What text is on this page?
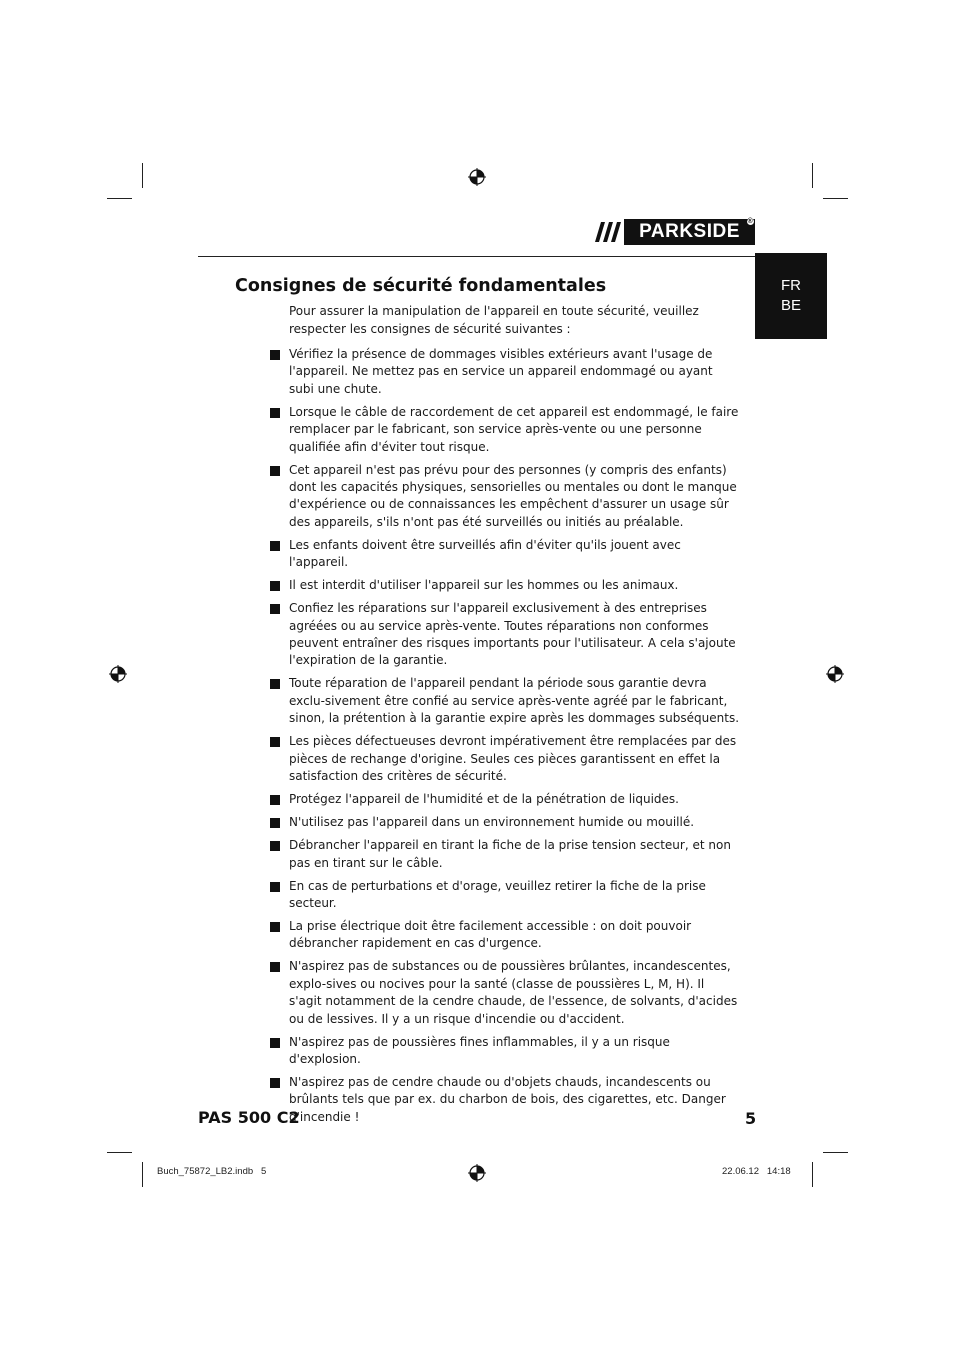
PARKSIDE ®
FR
BE
Consignes de sécurité fondamentales
Pour assurer la manipulation de l'appareil en toute sécurité, veuillez respecter les consignes de sécurité suivantes :
Vérifiez la présence de dommages visibles extérieurs avant l'usage de l'appareil. Ne mettez pas en service un appareil endommagé ou ayant subi une chute.
Lorsque le câble de raccordement de cet appareil est endommagé, le faire remplacer par le fabricant, son service après-vente ou une personne qualifiée afin d'éviter tout risque.
Cet appareil n'est pas prévu pour des personnes (y compris des enfants) dont les capacités physiques, sensorielles ou mentales ou dont le manque d'expérience ou de connaissances les empêchent d'assurer un usage sûr des appareils, s'ils n'ont pas été surveillés ou initiés au préalable.
Les enfants doivent être surveillés afin d'éviter qu'ils jouent avec l'appareil.
Il est interdit d'utiliser l'appareil sur les hommes ou les animaux.
Confiez les réparations sur l'appareil exclusivement à des entreprises agréées ou au service après-vente. Toutes réparations non conformes peuvent entraîner des risques importants pour l'utilisateur. A cela s'ajoute l'expiration de la garantie.
Toute réparation de l'appareil pendant la période sous garantie devra exclu-sivement être confié au service après-vente agréé par le fabricant, sinon, la prétention à la garantie expire après les dommages subséquents.
Les pièces défectueuses devront impérativement être remplacées par des pièces de rechange d'origine. Seules ces pièces garantissent en effet la satisfaction des critères de sécurité.
Protégez l'appareil de l'humidité et de la pénétration de liquides.
N'utilisez pas l'appareil dans un environnement humide ou mouillé.
Débrancher l'appareil en tirant la fiche de la prise tension secteur, et non pas en tirant sur le câble.
En cas de perturbations et d'orage, veuillez retirer la fiche de la prise secteur.
La prise électrique doit être facilement accessible : on doit pouvoir débrancher rapidement en cas d'urgence.
N'aspirez pas de substances ou de poussières brûlantes, incandescentes, explo-sives ou nocives pour la santé (classe de poussières L, M, H). Il s'agit notamment de la cendre chaude, de l'essence, de solvants, d'acides ou de lessives. Il y a un risque d'incendie ou d'accident.
N'aspirez pas de poussières fines inflammables, il y a un risque d'explosion.
N'aspirez pas de cendre chaude ou d'objets chauds, incandescents ou brûlants tels que par ex. du charbon de bois, des cigarettes, etc. Danger d'incendie !
PAS 500 C2	5
Buch_75872_LB2.indb   5	22.06.12   14:18
